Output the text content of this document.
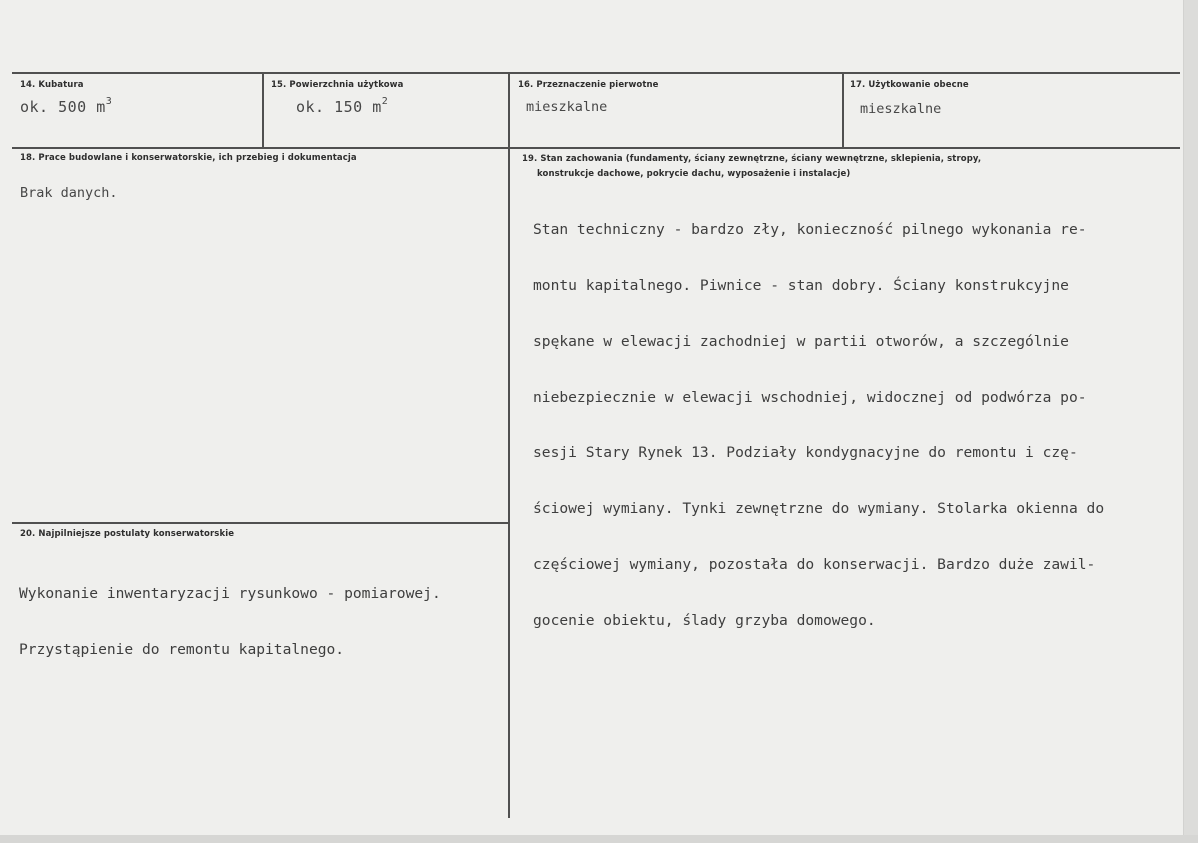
14. Kubatura
ok. 500 $m^3$
15. Powierzchnia użytkowa
ok. 150 $m^2$
16. Przeznaczenie pierwotne
mieszkalne
17. Użytkowanie obecne
mieszkalne
18. Prace budowlane i konserwatorskie, ich przebieg i dokumentacja
Brak danych.
19. Stan zachowania (fundamenty, ściany zewnętrzne, ściany wewnętrzne, sklepienia, stropy,
konstrukcje dachowe, pokrycie dachu, wyposażenie i instalacje)

Stan techniczny - bardzo zły, konieczność pilnego wykonania re-

montu kapitalnego. Piwnice - stan dobry. Ściany konstrukcyjne

spękane w elewacji zachodniej w partii otworów, a szczególnie

niebezpiecznie w elewacji wschodniej, widocznej od podwórza po-

sesji Stary Rynek 13. Podziały kondygnacyjne do remontu i czę-

ściowej wymiany. Tynki zewnętrzne do wymiany. Stolarka okienna do

częściowej wymiany, pozostała do konserwacji. Bardzo duże zawil-

gocenie obiektu, ślady grzyba domowego.

20. Najpilniejsze postulaty konserwatorskie

Wykonanie inwentaryzacji rysunkowo - pomiarowej.

Przystąpienie do remontu kapitalnego.
